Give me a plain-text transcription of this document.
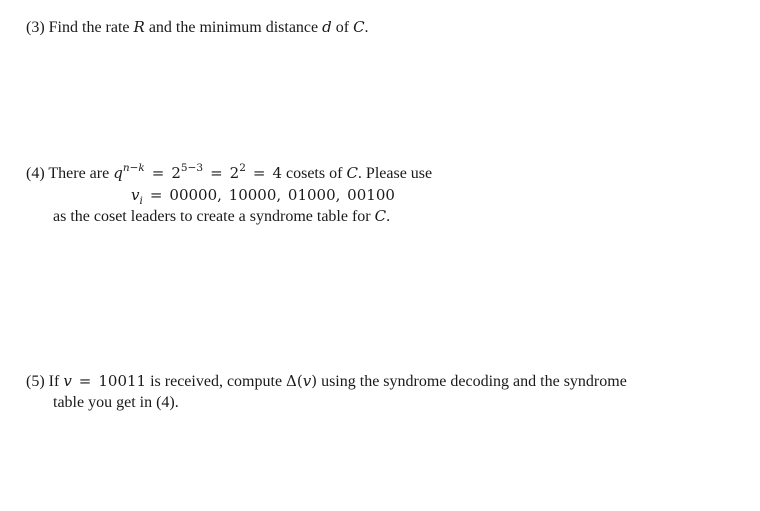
(3) Find the rate R and the minimum distance d of C.
(4) There are $q^{n-k} = 2^{5-3} = 2^2 = 4$ cosets of C. Please use
$v_i = 00000$, 10000, 01000, 00100
as the coset leaders to create a syndrome table for C.
(5) If v = 10011 is received, compute Δ(v) using the syndrome decoding and the syndrome
table you get in (4).
